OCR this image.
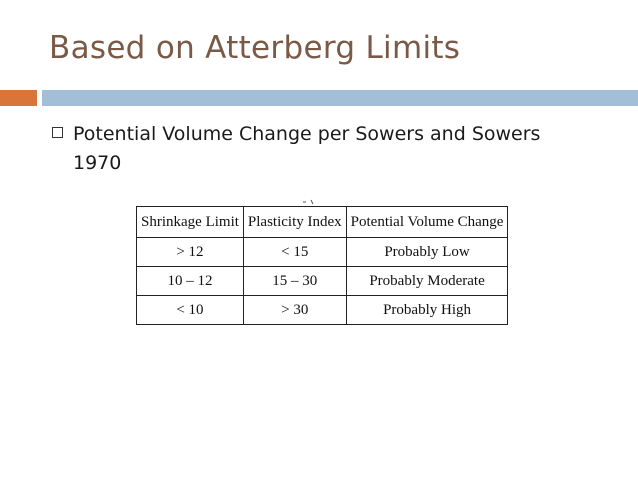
Based on Atterberg Limits
Potential Volume Change per Sowers and Sowers 1970
Shrinkage Limit	Plasticity Index	Potential Volume Change
> 12	< 15	Probably Low
10 – 12	15 – 30	Probably Moderate
< 10	> 30	Probably High
